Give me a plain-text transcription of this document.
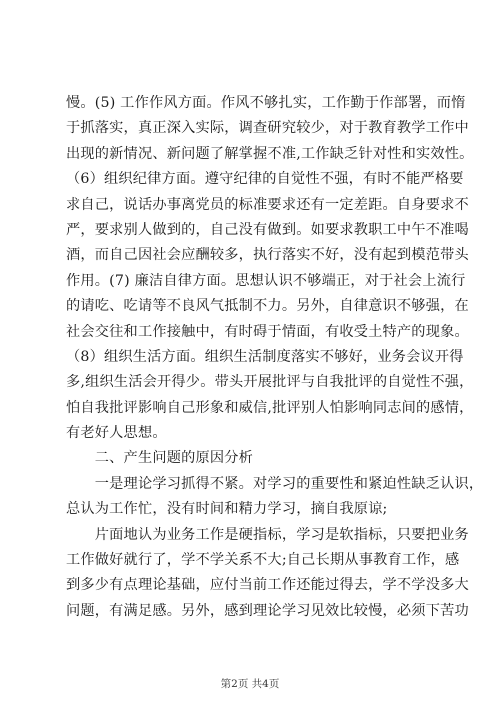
慢。(5) 工作作风方面。作风不够扎实，工作勤于作部署，而惰
于抓落实，真正深入实际，调查研究较少，对于教育教学工作中
出现的新情况、新问题了解掌握不准,工作缺乏针对性和实效性。
（6）组织纪律方面。遵守纪律的自觉性不强，有时不能严格要
求自己，说话办事离党员的标准要求还有一定差距。自身要求不
严，要求别人做到的，自己没有做到。如要求教职工中午不准喝
酒，而自己因社会应酬较多，执行落实不好，没有起到模范带头
作用。(7) 廉洁自律方面。思想认识不够端正，对于社会上流行
的请吃、吃请等不良风气抵制不力。另外，自律意识不够强，在
社会交往和工作接触中，有时碍于情面，有收受土特产的现象。
（8）组织生活方面。组织生活制度落实不够好，业务会议开得
多,组织生活会开得少。带头开展批评与自我批评的自觉性不强，
怕自我批评影响自己形象和威信,批评别人怕影响同志间的感情，
有老好人思想。
　　二、产生问题的原因分析
　　一是理论学习抓得不紧。对学习的重要性和紧迫性缺乏认识，
总认为工作忙，没有时间和精力学习，摘自我原谅;
　　片面地认为业务工作是硬指标，学习是软指标，只要把业务
工作做好就行了，学不学关系不大;自己长期从事教育工作，感
到多少有点理论基础，应付当前工作还能过得去，学不学没多大
问题，有满足感。另外，感到理论学习见效比较慢，必须下苦功
第2页 共4页
